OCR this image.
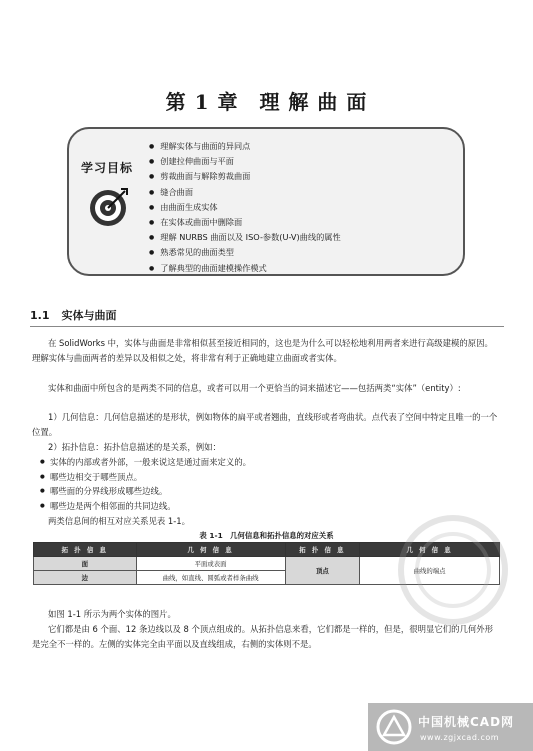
第 1 章　理 解 曲 面
学习目标
● 理解实体与曲面的异同点
● 创建拉伸曲面与平面
● 剪裁曲面与解除剪裁曲面
● 缝合曲面
● 由曲面生成实体
● 在实体或曲面中删除面
● 理解 NURBS 曲面以及 ISO-参数(U-V)曲线的属性
● 熟悉常见的曲面类型
● 了解典型的曲面建模操作模式
1.1 实体与曲面

在 SolidWorks 中，实体与曲面是非常相似甚至接近相同的，这也是为什么可以轻松地利用两者来进行高级建模的原因。理解实体与曲面两者的差异以及相似之处，将非常有利于正确地建立曲面或者实体。

实体和曲面中所包含的是两类不同的信息，或者可以用一个更恰当的词来描述它——包括两类“实体”（entity）:

1）几何信息：几何信息描述的是形状，例如物体的扁平或者翘曲，直线形或者弯曲状。点代表了空间中特定且唯一的一个位置。

2）拓扑信息：拓扑信息描述的是关系，例如：

● 实体的内部或者外部，一般来说这是通过面来定义的。
● 哪些边相交于哪些顶点。
● 哪些面的分界线形成哪些边线。
● 哪些边是两个相邻面的共同边线。

两类信息间的相互对应关系见表 1-1。

表 1-1　几何信息和拓扑信息的对应关系
拓 扑 信 息	几 何 信 息	拓 扑 信 息	几 何 信 息
面	平面或表面	顶点	曲线的端点
边	曲线，如直线、圆弧或者样条曲线		

如图 1-1 所示为两个实体的图片。

它们都是由 6 个面、12 条边线以及 8 个顶点组成的。从拓扑信息来看，它们都是一样的，但是，很明显它们的几何外形是完全不一样的。左侧的实体完全由平面以及直线组成，右侧的实体则不是。

中国机械CAD网
www.zgjxcad.com
